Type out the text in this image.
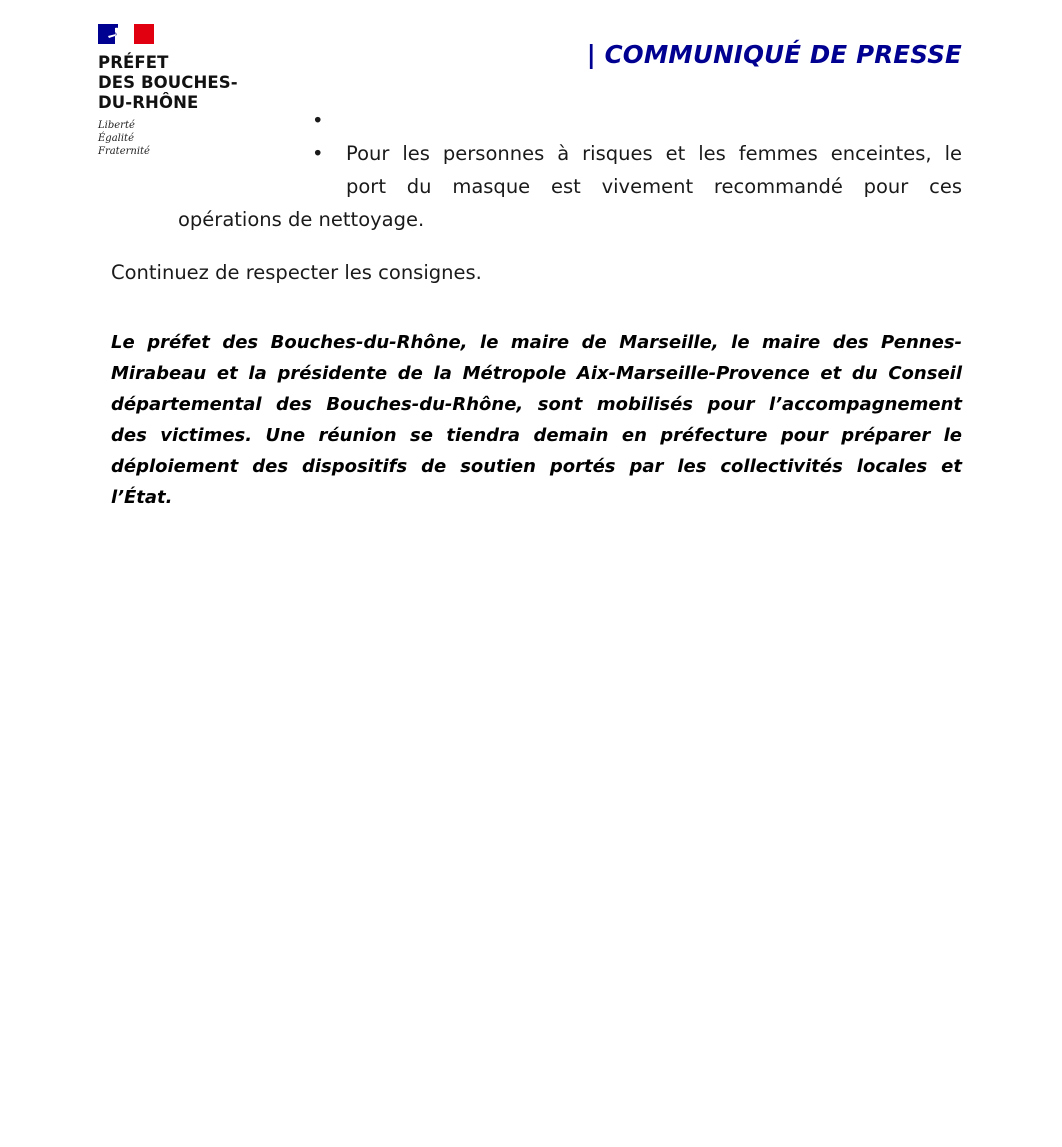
PRÉFET
DES BOUCHES-
DU-RHÔNE
Liberté
Égalité
Fraternité
| COMMUNIQUÉ DE PRESSE
•
• Pour les personnes à risques et les femmes enceintes, le
port du masque est vivement recommandé pour ces
opérations de nettoyage.
Continuez de respecter les consignes.
Le préfet des Bouches-du-Rhône, le maire de Marseille, le maire des Pennes-
Mirabeau et la présidente de la Métropole Aix-Marseille-Provence et du Conseil
départemental des Bouches-du-Rhône, sont mobilisés pour l’accompagnement
des victimes. Une réunion se tiendra demain en préfecture pour préparer le
déploiement des dispositifs de soutien portés par les collectivités locales et
l’État.
